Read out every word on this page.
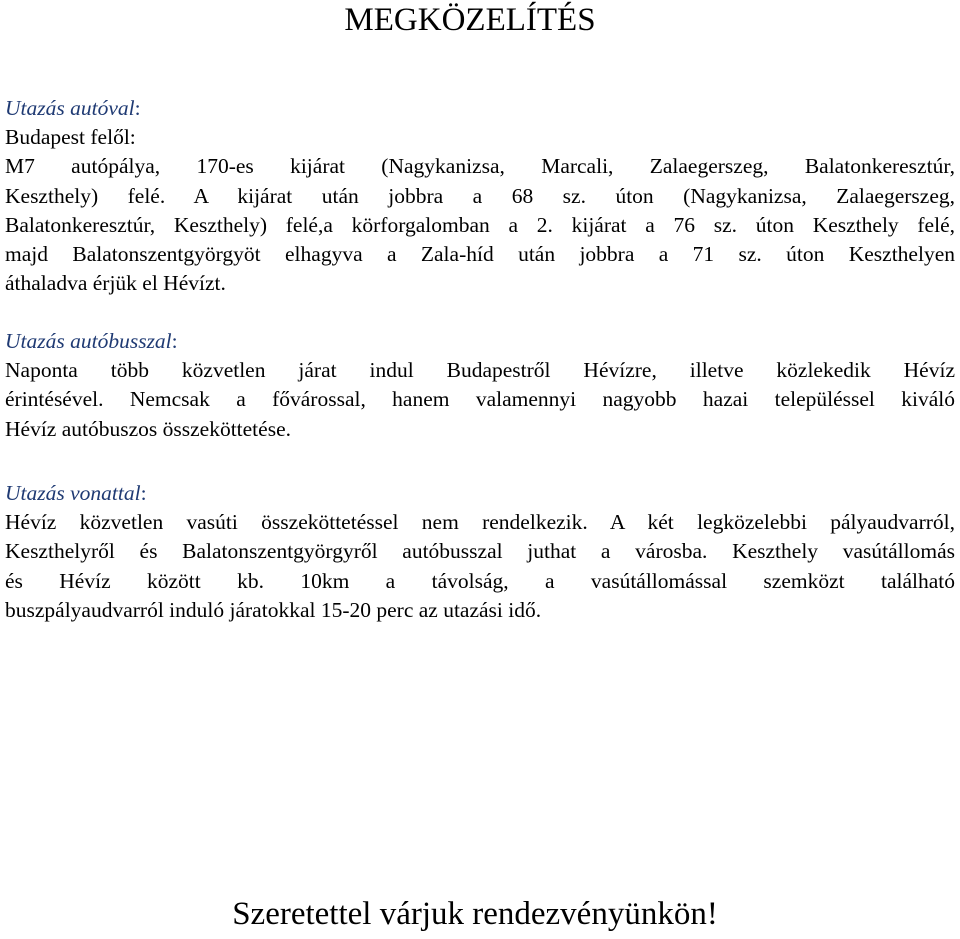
MEGKÖZELÍTÉS
Utazás autóval:
Budapest felől:
M7 autópálya, 170-es kijárat (Nagykanizsa, Marcali, Zalaegerszeg, Balatonkeresztúr,
Keszthely) felé. A kijárat után jobbra a 68 sz. úton (Nagykanizsa, Zalaegerszeg,
Balatonkeresztúr, Keszthely) felé,a körforgalomban a 2. kijárat a 76 sz. úton Keszthely felé,
majd Balatonszentgyörgyöt elhagyva a Zala-híd után jobbra a 71 sz. úton Keszthelyen
áthaladva érjük el Hévízt.
Utazás autóbusszal:
Naponta több közvetlen járat indul Budapestről Hévízre, illetve közlekedik Hévíz
érintésével. Nemcsak a fővárossal, hanem valamennyi nagyobb hazai településsel kiváló
Hévíz autóbuszos összeköttetése.
Utazás vonattal:
Hévíz közvetlen vasúti összeköttetéssel nem rendelkezik. A két legközelebbi pályaudvarról,
Keszthelyről és Balatonszentgyörgyről autóbusszal juthat a városba. Keszthely vasútállomás
és Hévíz között kb. 10km a távolság, a vasútállomással szemközt található
buszpályaudvarról induló járatokkal 15-20 perc az utazási idő.

Szeretettel várjuk rendezvényünkön!
